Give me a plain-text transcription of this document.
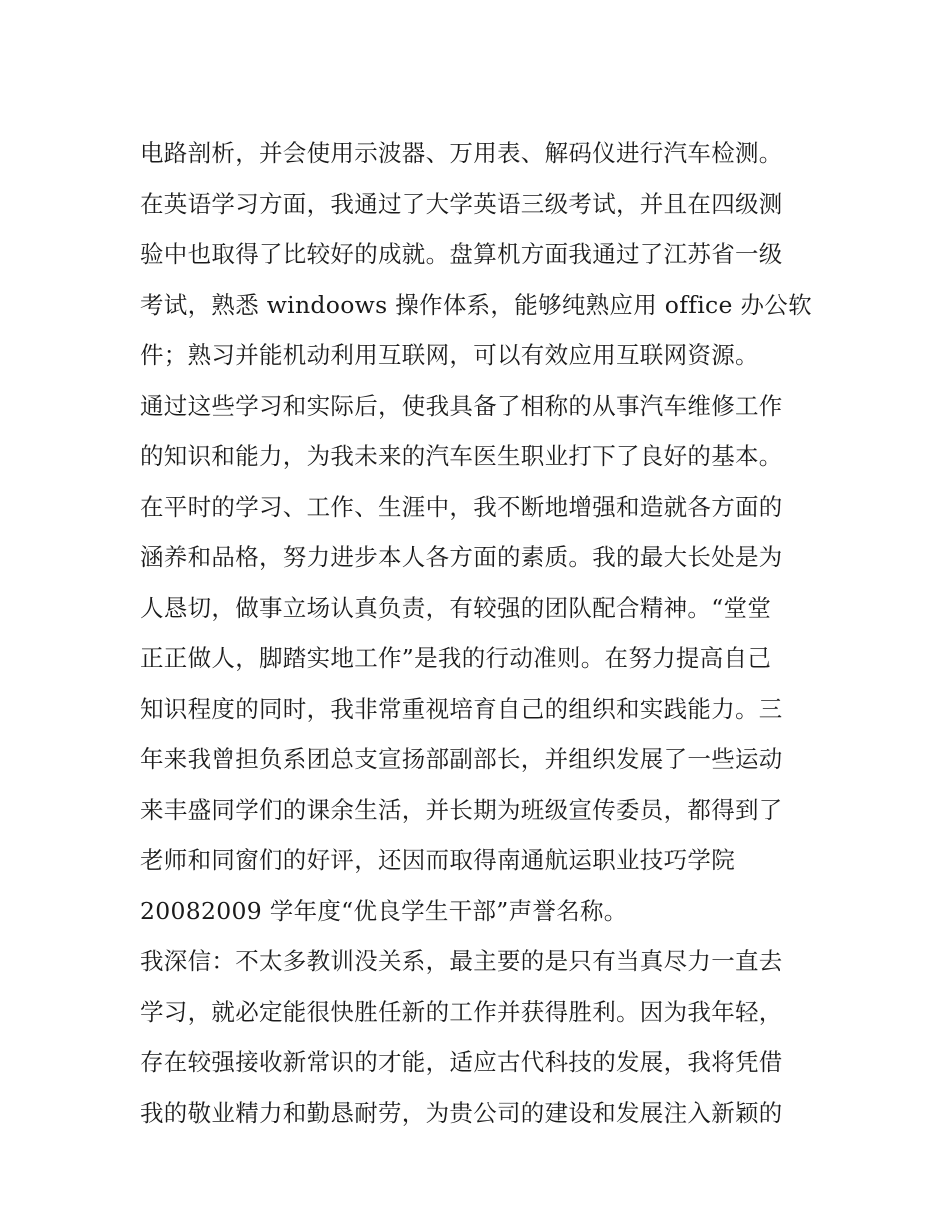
电路剖析，并会使用示波器、万用表、解码仪进行汽车检测。
在英语学习方面，我通过了大学英语三级考试，并且在四级测
验中也取得了比较好的成就。盘算机方面我通过了江苏省一级
考试，熟悉 windoows 操作体系，能够纯熟应用 office 办公软
件；熟习并能机动利用互联网，可以有效应用互联网资源。
通过这些学习和实际后，使我具备了相称的从事汽车维修工作
的知识和能力，为我未来的汽车医生职业打下了良好的基本。
在平时的学习、工作、生涯中，我不断地增强和造就各方面的
涵养和品格，努力进步本人各方面的素质。我的最大长处是为
人恳切，做事立场认真负责，有较强的团队配合精神。“堂堂
正正做人，脚踏实地工作”是我的行动准则。在努力提高自己
知识程度的同时，我非常重视培育自己的组织和实践能力。三
年来我曾担负系团总支宣扬部副部长，并组织发展了一些运动
来丰盛同学们的课余生活，并长期为班级宣传委员，都得到了
老师和同窗们的好评，还因而取得南通航运职业技巧学院
20082009 学年度“优良学生干部”声誉名称。
我深信：不太多教训没关系，最主要的是只有当真尽力一直去
学习，就必定能很快胜任新的工作并获得胜利。因为我年轻，
存在较强接收新常识的才能，适应古代科技的发展，我将凭借
我的敬业精力和勤恳耐劳，为贵公司的建设和发展注入新颖的
